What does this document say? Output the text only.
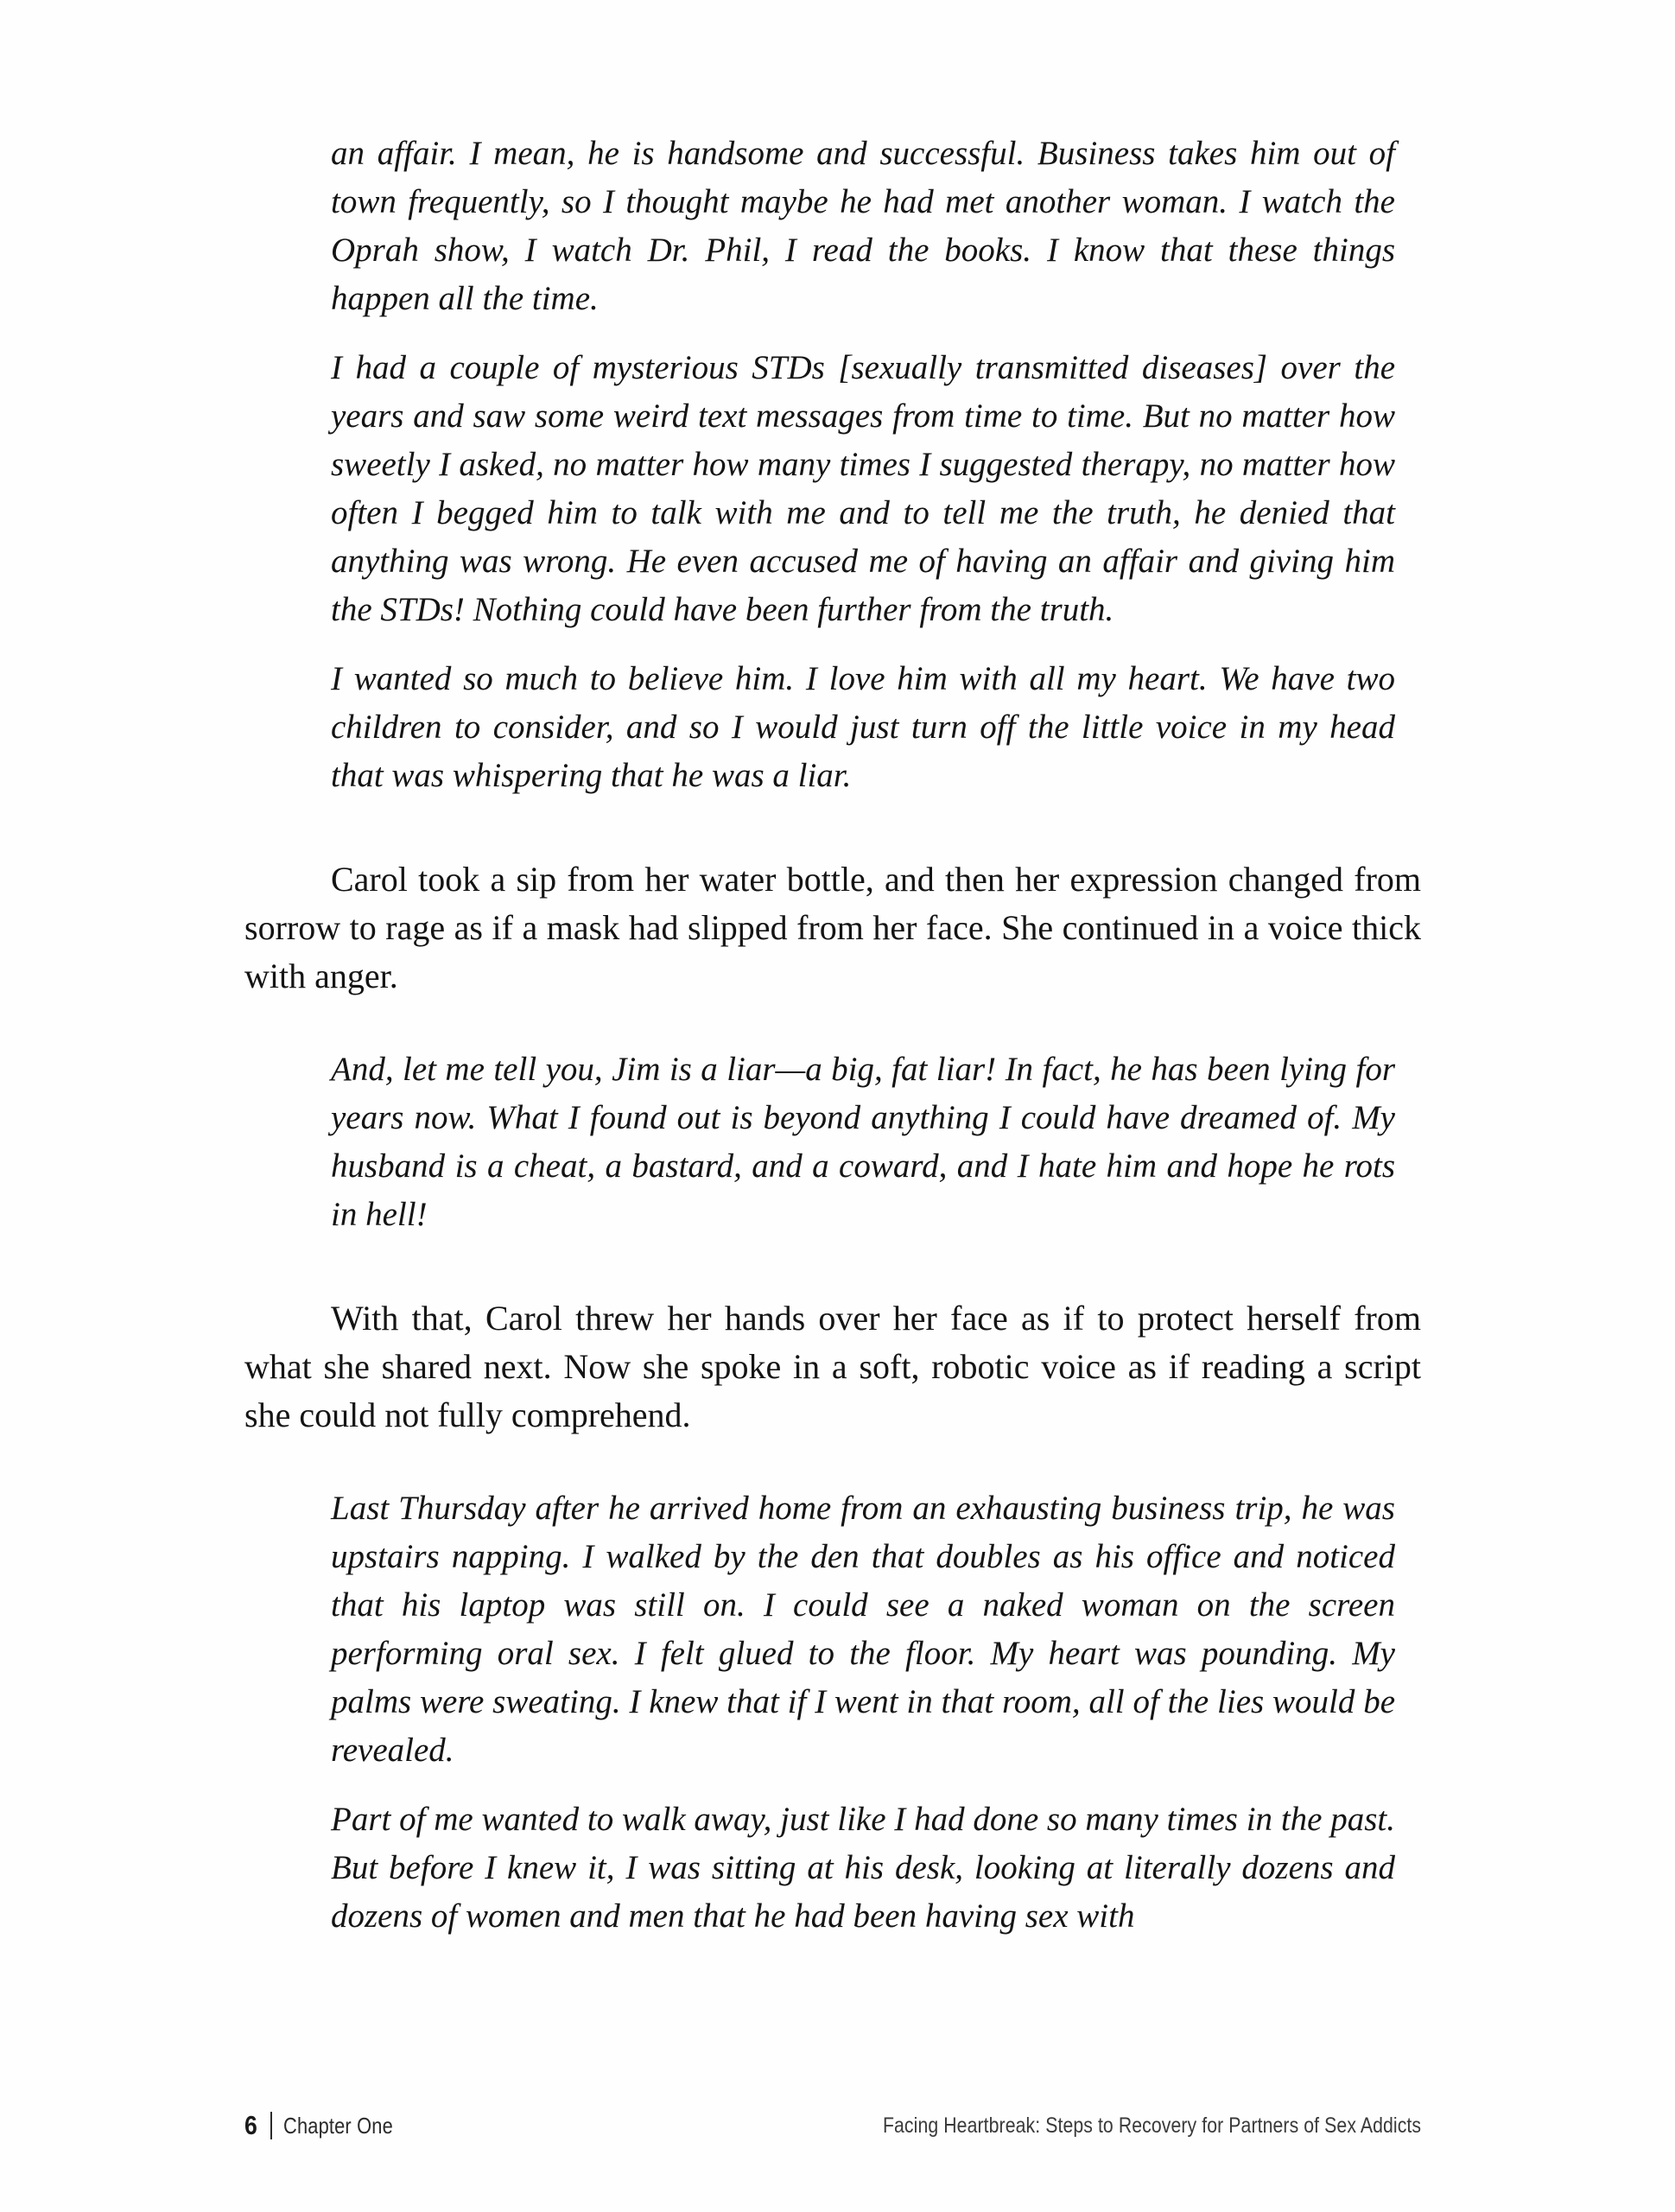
an affair. I mean, he is handsome and successful. Business takes him out of town frequently, so I thought maybe he had met another woman. I watch the Oprah show, I watch Dr. Phil, I read the books. I know that these things happen all the time.

I had a couple of mysterious STDs [sexually transmitted diseases] over the years and saw some weird text messages from time to time. But no matter how sweetly I asked, no matter how many times I suggested therapy, no matter how often I begged him to talk with me and to tell me the truth, he denied that anything was wrong. He even accused me of having an affair and giving him the STDs! Nothing could have been further from the truth.

I wanted so much to believe him. I love him with all my heart. We have two children to consider, and so I would just turn off the little voice in my head that was whispering that he was a liar.

Carol took a sip from her water bottle, and then her expression changed from sorrow to rage as if a mask had slipped from her face. She continued in a voice thick with anger.

And, let me tell you, Jim is a liar—a big, fat liar! In fact, he has been lying for years now. What I found out is beyond anything I could have dreamed of. My husband is a cheat, a bastard, and a coward, and I hate him and hope he rots in hell!

With that, Carol threw her hands over her face as if to protect herself from what she shared next. Now she spoke in a soft, robotic voice as if reading a script she could not fully comprehend.

Last Thursday after he arrived home from an exhausting business trip, he was upstairs napping. I walked by the den that doubles as his office and noticed that his laptop was still on. I could see a naked woman on the screen performing oral sex. I felt glued to the floor. My heart was pounding. My palms were sweating. I knew that if I went in that room, all of the lies would be revealed.

Part of me wanted to walk away, just like I had done so many times in the past. But before I knew it, I was sitting at his desk, looking at literally dozens and dozens of women and men that he had been having sex with

6 Chapter One	Facing Heartbreak: Steps to Recovery for Partners of Sex Addicts
